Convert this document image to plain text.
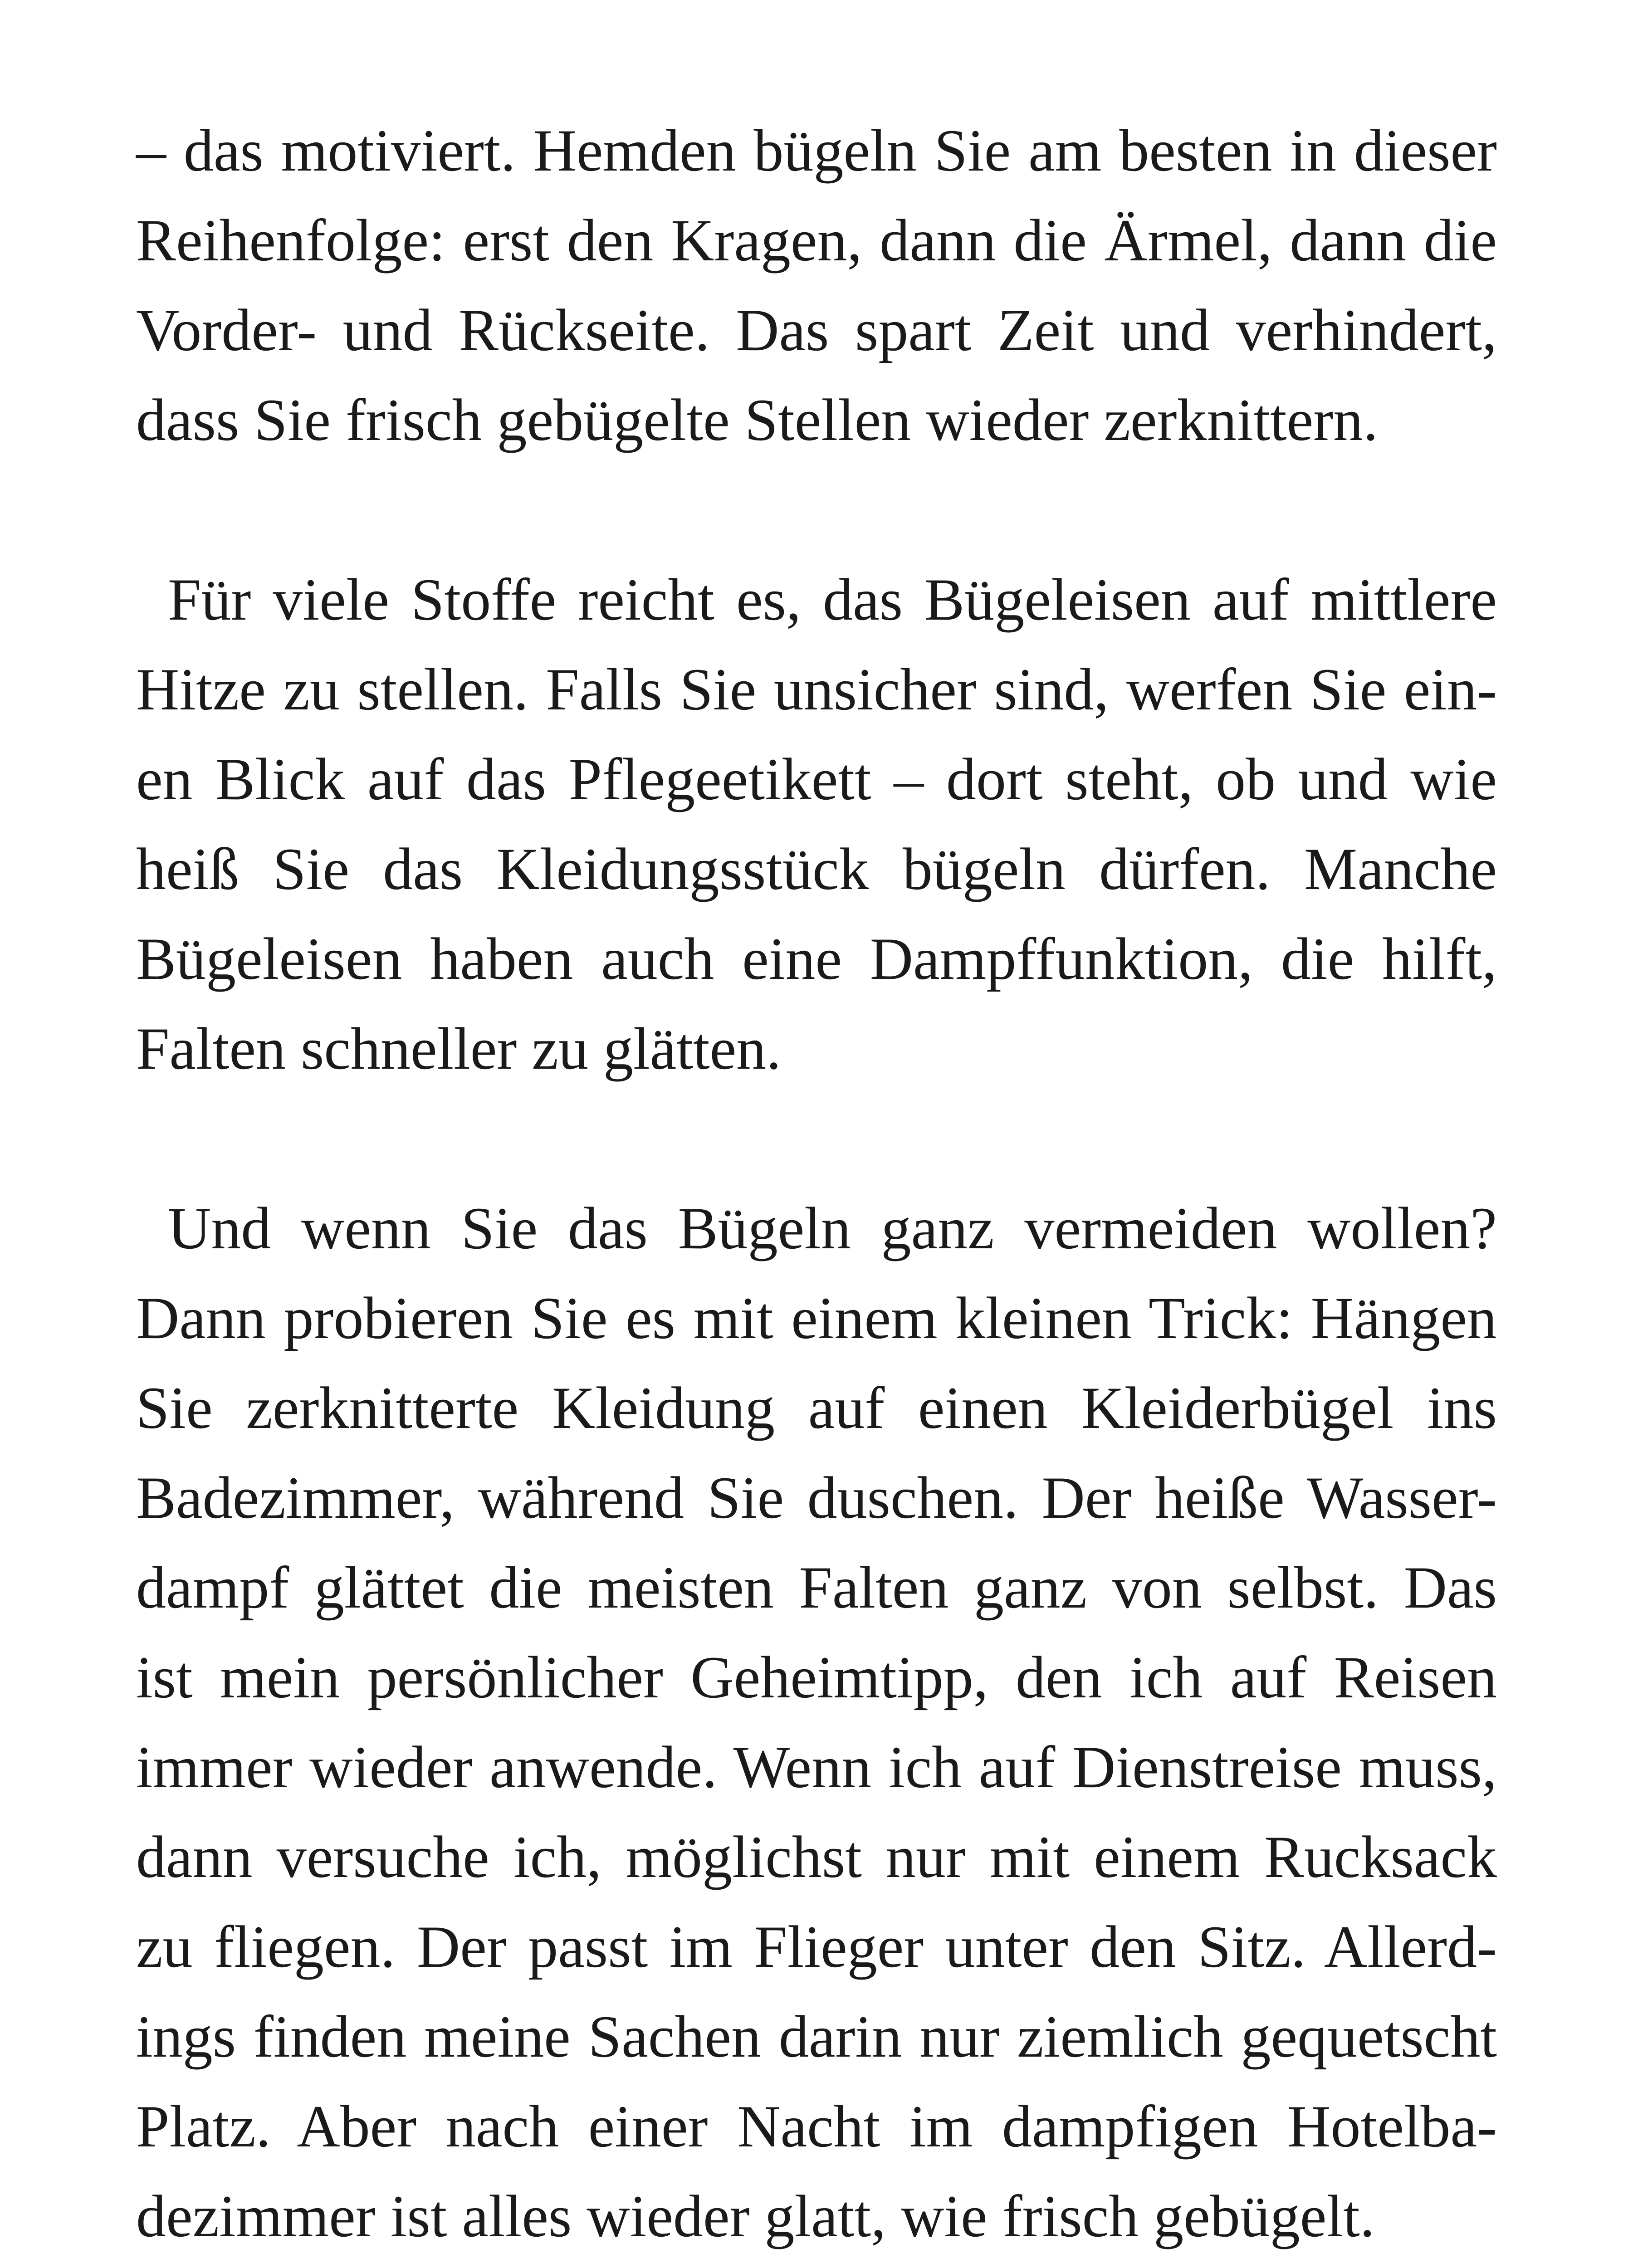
– das motiviert. Hemden bügeln Sie am besten in dieser
Reihenfolge: erst den Kragen, dann die Ärmel, dann die
Vorder- und Rückseite. Das spart Zeit und verhindert,
dass Sie frisch gebügelte Stellen wieder zerknittern.
Für viele Stoffe reicht es, das Bügeleisen auf mittlere
Hitze zu stellen. Falls Sie unsicher sind, werfen Sie ein-
en Blick auf das Pflegeetikett – dort steht, ob und wie
heiß Sie das Kleidungsstück bügeln dürfen. Manche
Bügeleisen haben auch eine Dampffunktion, die hilft,
Falten schneller zu glätten.
Und wenn Sie das Bügeln ganz vermeiden wollen?
Dann probieren Sie es mit einem kleinen Trick: Hängen
Sie zerknitterte Kleidung auf einen Kleiderbügel ins
Badezimmer, während Sie duschen. Der heiße Wasser-
dampf glättet die meisten Falten ganz von selbst. Das
ist mein persönlicher Geheimtipp, den ich auf Reisen
immer wieder anwende. Wenn ich auf Dienstreise muss,
dann versuche ich, möglichst nur mit einem Rucksack
zu fliegen. Der passt im Flieger unter den Sitz. Allerd-
ings finden meine Sachen darin nur ziemlich gequetscht
Platz. Aber nach einer Nacht im dampfigen Hotelba-
dezimmer ist alles wieder glatt, wie frisch gebügelt.
